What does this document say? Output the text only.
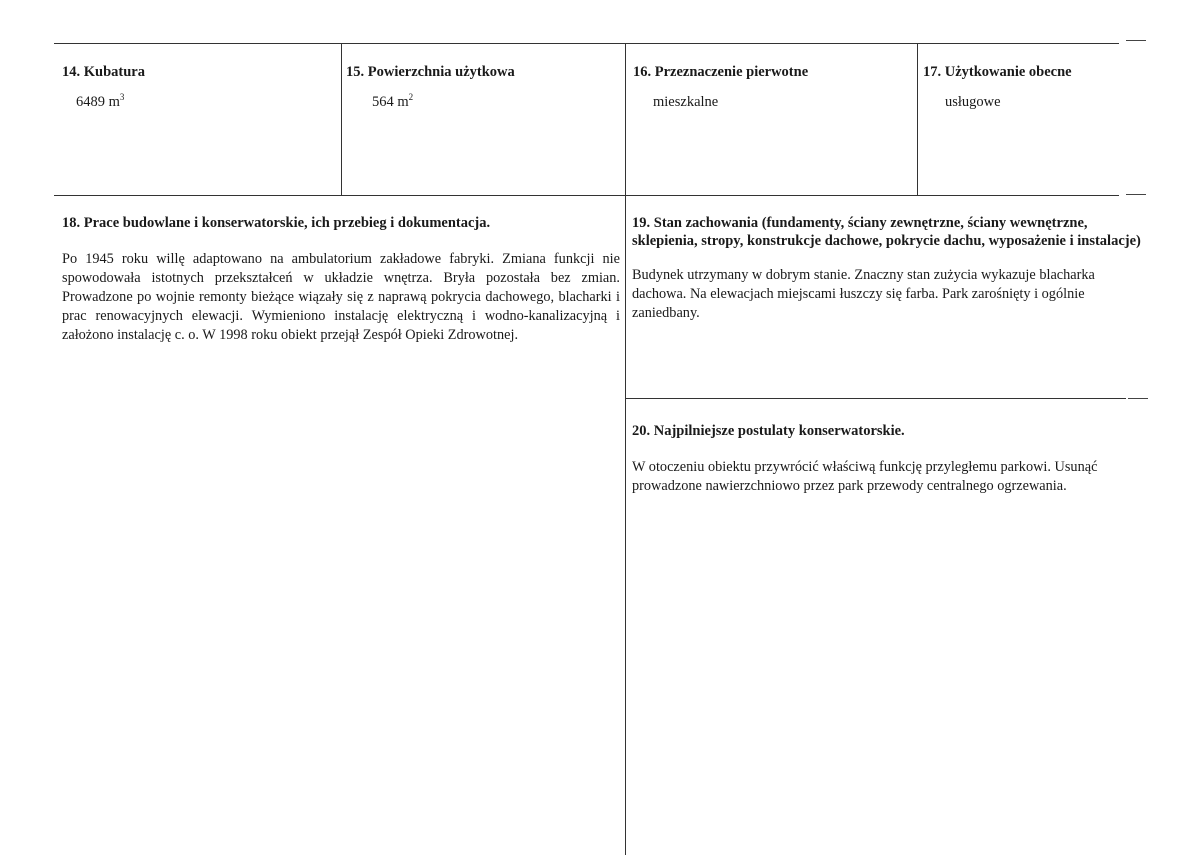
14. Kubatura
6489 $m^3$
15. Powierzchnia użytkowa
564 $m^2$
16. Przeznaczenie pierwotne
mieszkalne
17. Użytkowanie obecne
usługowe
18. Prace budowlane i konserwatorskie, ich przebieg i dokumentacja.
Po 1945 roku willę adaptowano na ambulatorium zakładowe fabryki. Zmiana funkcji nie spowodowała istotnych przekształceń w układzie wnętrza. Bryła pozostała bez zmian. Prowadzone po wojnie remonty bieżące wiązały się z naprawą pokrycia dachowego, blacharki i prac renowacyjnych elewacji. Wymieniono instalację elektryczną i wodno-kanalizacyjną i założono instalację c. o. W 1998 roku obiekt przejął Zespół Opieki Zdrowotnej.
19. Stan zachowania (fundamenty, ściany zewnętrzne, ściany wewnętrzne, sklepienia, stropy, konstrukcje dachowe, pokrycie dachu, wyposażenie i instalacje)
Budynek utrzymany w dobrym stanie. Znaczny stan zużycia wykazuje blacharka dachowa. Na elewacjach miejscami łuszczy się farba. Park zarośnięty i ogólnie zaniedbany.
20. Najpilniejsze postulaty konserwatorskie.
W otoczeniu obiektu przywrócić właściwą funkcję przyległemu parkowi. Usunąć prowadzone nawierzchniowo przez park przewody centralnego ogrzewania.
